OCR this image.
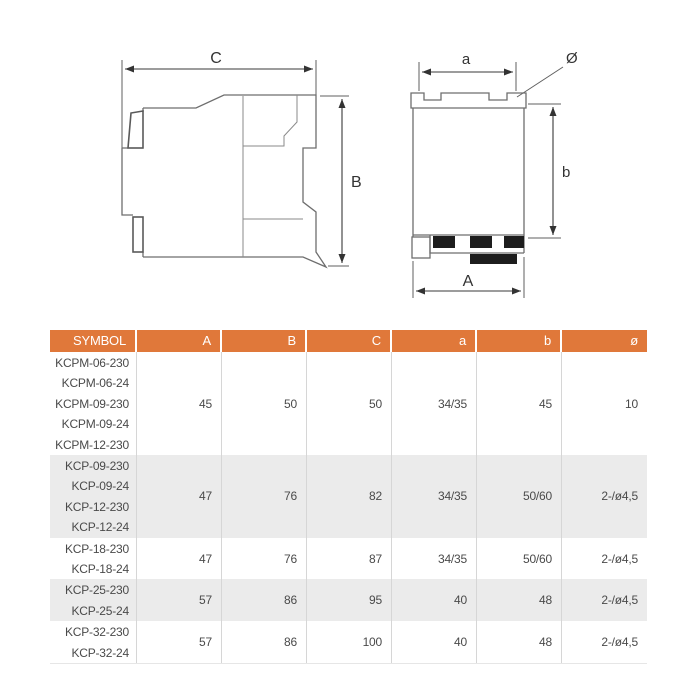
C
B
a	Ø
b
A
SYMBOL	A	B	C	a	b	ø
KCPM-06-230
KCPM-06-24
KCPM-09-230
KCPM-09-24
KCPM-12-230
45	50	50	34/35	45	10
KCP-09-230
KCP-09-24
KCP-12-230
KCP-12-24
47	76	82	34/35	50/60	2-/ø4,5
KCP-18-230
KCP-18-24
47	76	87	34/35	50/60	2-/ø4,5
KCP-25-230
KCP-25-24
57	86	95	40	48	2-/ø4,5
KCP-32-230
KCP-32-24
57	86	100	40	48	2-/ø4,5
